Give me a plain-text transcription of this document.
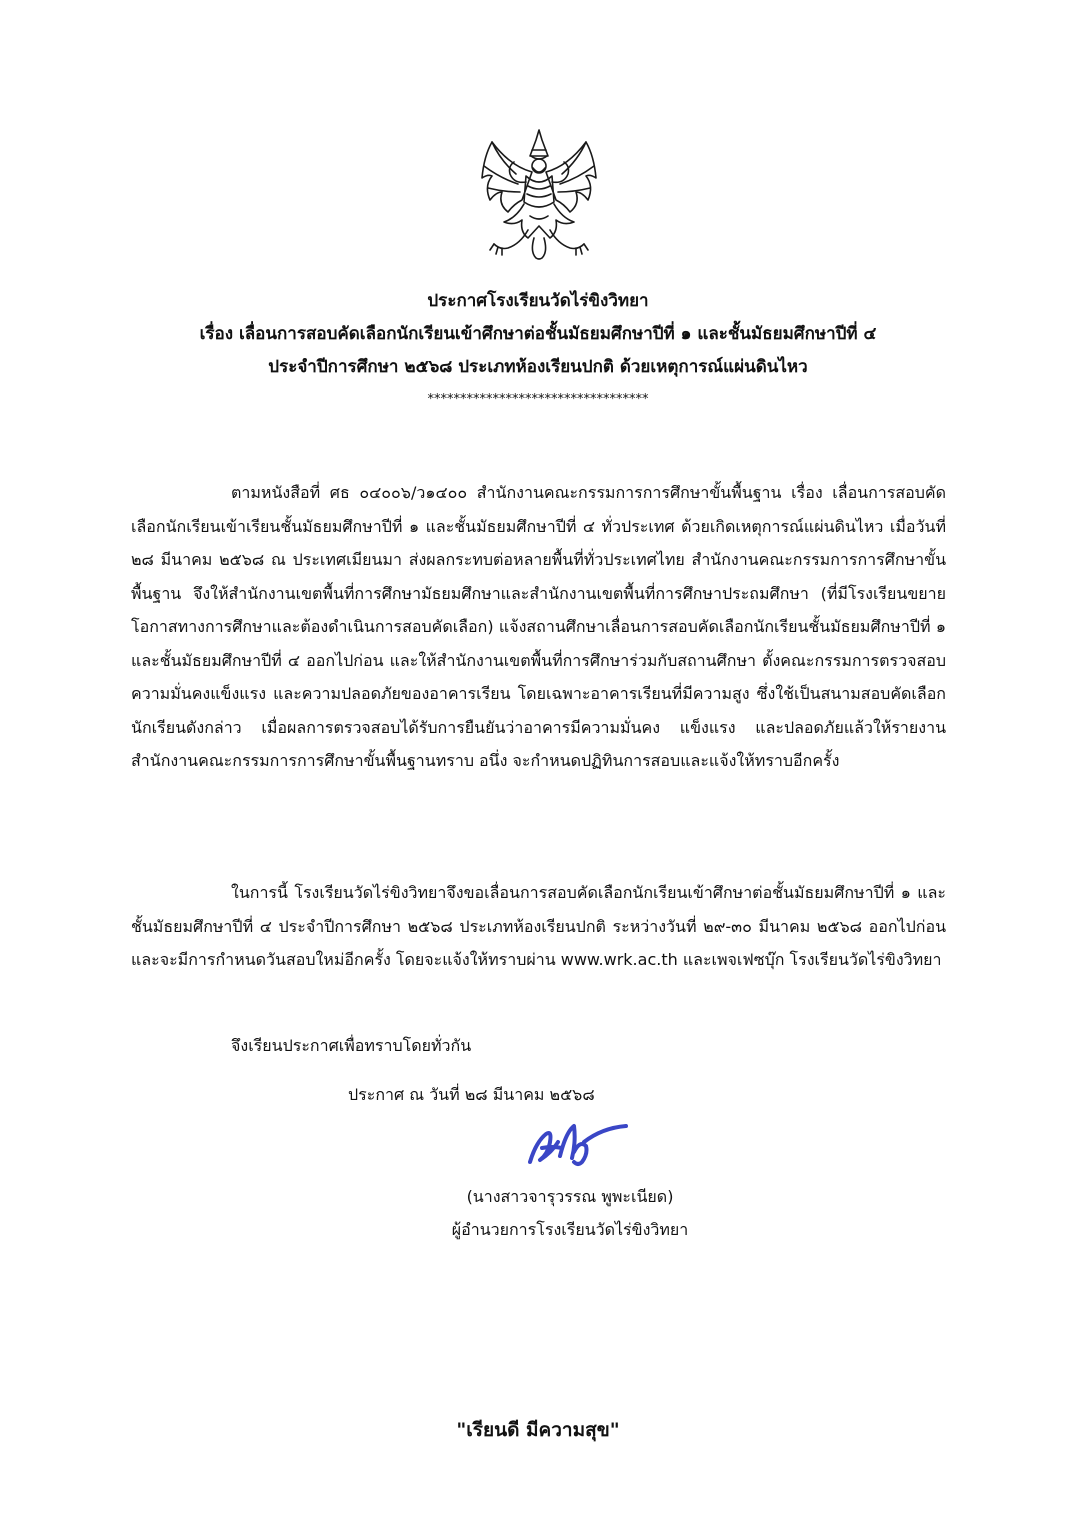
ประกาศโรงเรียนวัดไร่ขิงวิทยา
เรื่อง เลื่อนการสอบคัดเลือกนักเรียนเข้าศึกษาต่อชั้นมัธยมศึกษาปีที่ ๑ และชั้นมัธยมศึกษาปีที่ ๔
ประจำปีการศึกษา ๒๕๖๘ ประเภทห้องเรียนปกติ ด้วยเหตุการณ์แผ่นดินไหว
**********************************
ตามหนังสือที่ ศธ ๐๔๐๐๖/ว๑๔๐๐ สำนักงานคณะกรรมการการศึกษาขั้นพื้นฐาน เรื่อง เลื่อนการสอบคัดเลือกนักเรียนเข้าเรียนชั้นมัธยมศึกษาปีที่ ๑ และชั้นมัธยมศึกษาปีที่ ๔ ทั่วประเทศ ด้วยเกิดเหตุการณ์แผ่นดินไหว เมื่อวันที่ ๒๘ มีนาคม ๒๕๖๘ ณ ประเทศเมียนมา ส่งผลกระทบต่อหลายพื้นที่ทั่วประเทศไทย สำนักงานคณะกรรมการการศึกษาขั้นพื้นฐาน จึงให้สำนักงานเขตพื้นที่การศึกษามัธยมศึกษาและสำนักงานเขตพื้นที่การศึกษาประถมศึกษา (ที่มีโรงเรียนขยายโอกาสทางการศึกษาและต้องดำเนินการสอบคัดเลือก) แจ้งสถานศึกษาเลื่อนการสอบคัดเลือกนักเรียนชั้นมัธยมศึกษาปีที่ ๑ และชั้นมัธยมศึกษาปีที่ ๔ ออกไปก่อน และให้สำนักงานเขตพื้นที่การศึกษาร่วมกับสถานศึกษา ตั้งคณะกรรมการตรวจสอบความมั่นคงแข็งแรง และความปลอดภัยของอาคารเรียน โดยเฉพาะอาคารเรียนที่มีความสูง ซึ่งใช้เป็นสนามสอบคัดเลือกนักเรียนดังกล่าว เมื่อผลการตรวจสอบได้รับการยืนยันว่าอาคารมีความมั่นคง แข็งแรง และปลอดภัยแล้วให้รายงานสำนักงานคณะกรรมการการศึกษาขั้นพื้นฐานทราบ อนึ่ง จะกำหนดปฏิทินการสอบและแจ้งให้ทราบอีกครั้ง
ในการนี้ โรงเรียนวัดไร่ขิงวิทยาจึงขอเลื่อนการสอบคัดเลือกนักเรียนเข้าศึกษาต่อชั้นมัธยมศึกษาปีที่ ๑ และชั้นมัธยมศึกษาปีที่ ๔ ประจำปีการศึกษา ๒๕๖๘ ประเภทห้องเรียนปกติ ระหว่างวันที่ ๒๙-๓๐ มีนาคม ๒๕๖๘ ออกไปก่อน และจะมีการกำหนดวันสอบใหม่อีกครั้ง โดยจะแจ้งให้ทราบผ่าน www.wrk.ac.th และเพจเฟซบุ๊ก โรงเรียนวัดไร่ขิงวิทยา
จึงเรียนประกาศเพื่อทราบโดยทั่วกัน
ประกาศ ณ วันที่ ๒๘ มีนาคม ๒๕๖๘
(นางสาวจารุวรรณ พูพะเนียด)
ผู้อำนวยการโรงเรียนวัดไร่ขิงวิทยา
"เรียนดี มีความสุข"
